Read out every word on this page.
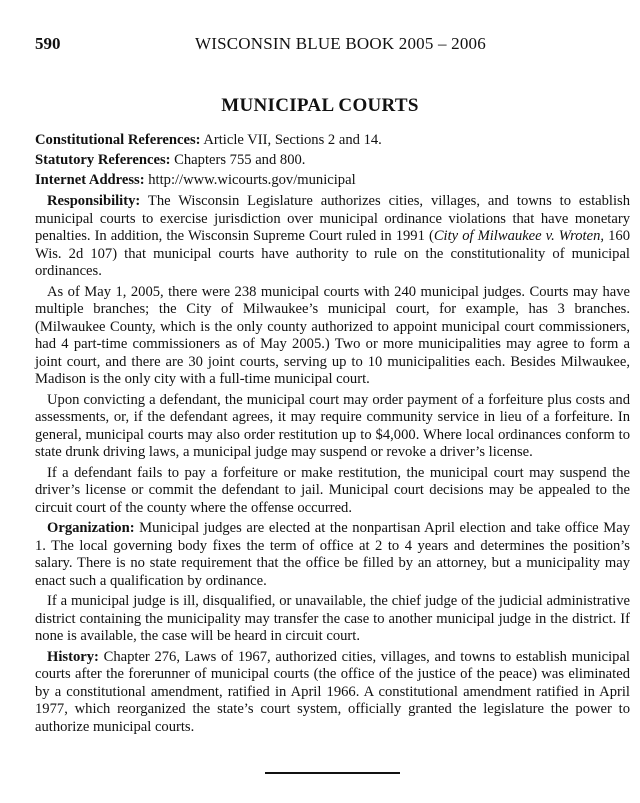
590	WISCONSIN BLUE BOOK 2005 – 2006
MUNICIPAL COURTS
Constitutional References: Article VII, Sections 2 and 14.
Statutory References: Chapters 755 and 800.
Internet Address: http://www.wicourts.gov/municipal

Responsibility: The Wisconsin Legislature authorizes cities, villages, and towns to establish municipal courts to exercise jurisdiction over municipal ordinance violations that have monetary penalties. In addition, the Wisconsin Supreme Court ruled in 1991 (City of Milwaukee v. Wroten, 160 Wis. 2d 107) that municipal courts have authority to rule on the constitutionality of municipal ordinances.

As of May 1, 2005, there were 238 municipal courts with 240 municipal judges. Courts may have multiple branches; the City of Milwaukee’s municipal court, for example, has 3 branches. (Milwaukee County, which is the only county authorized to appoint municipal court commissioners, had 4 part-time commissioners as of May 2005.) Two or more municipalities may agree to form a joint court, and there are 30 joint courts, serving up to 10 municipalities each. Besides Milwaukee, Madison is the only city with a full-time municipal court.

Upon convicting a defendant, the municipal court may order payment of a forfeiture plus costs and assessments, or, if the defendant agrees, it may require community service in lieu of a forfeiture. In general, municipal courts may also order restitution up to $4,000. Where local ordinances conform to state drunk driving laws, a municipal judge may suspend or revoke a driver’s license.

If a defendant fails to pay a forfeiture or make restitution, the municipal court may suspend the driver’s license or commit the defendant to jail. Municipal court decisions may be appealed to the circuit court of the county where the offense occurred.

Organization: Municipal judges are elected at the nonpartisan April election and take office May 1. The local governing body fixes the term of office at 2 to 4 years and determines the position’s salary. There is no state requirement that the office be filled by an attorney, but a municipality may enact such a qualification by ordinance.

If a municipal judge is ill, disqualified, or unavailable, the chief judge of the judicial administrative district containing the municipality may transfer the case to another municipal judge in the district. If none is available, the case will be heard in circuit court.

History: Chapter 276, Laws of 1967, authorized cities, villages, and towns to establish municipal courts after the forerunner of municipal courts (the office of the justice of the peace) was eliminated by a constitutional amendment, ratified in April 1966. A constitutional amendment ratified in April 1977, which reorganized the state’s court system, officially granted the legislature the power to authorize municipal courts.
